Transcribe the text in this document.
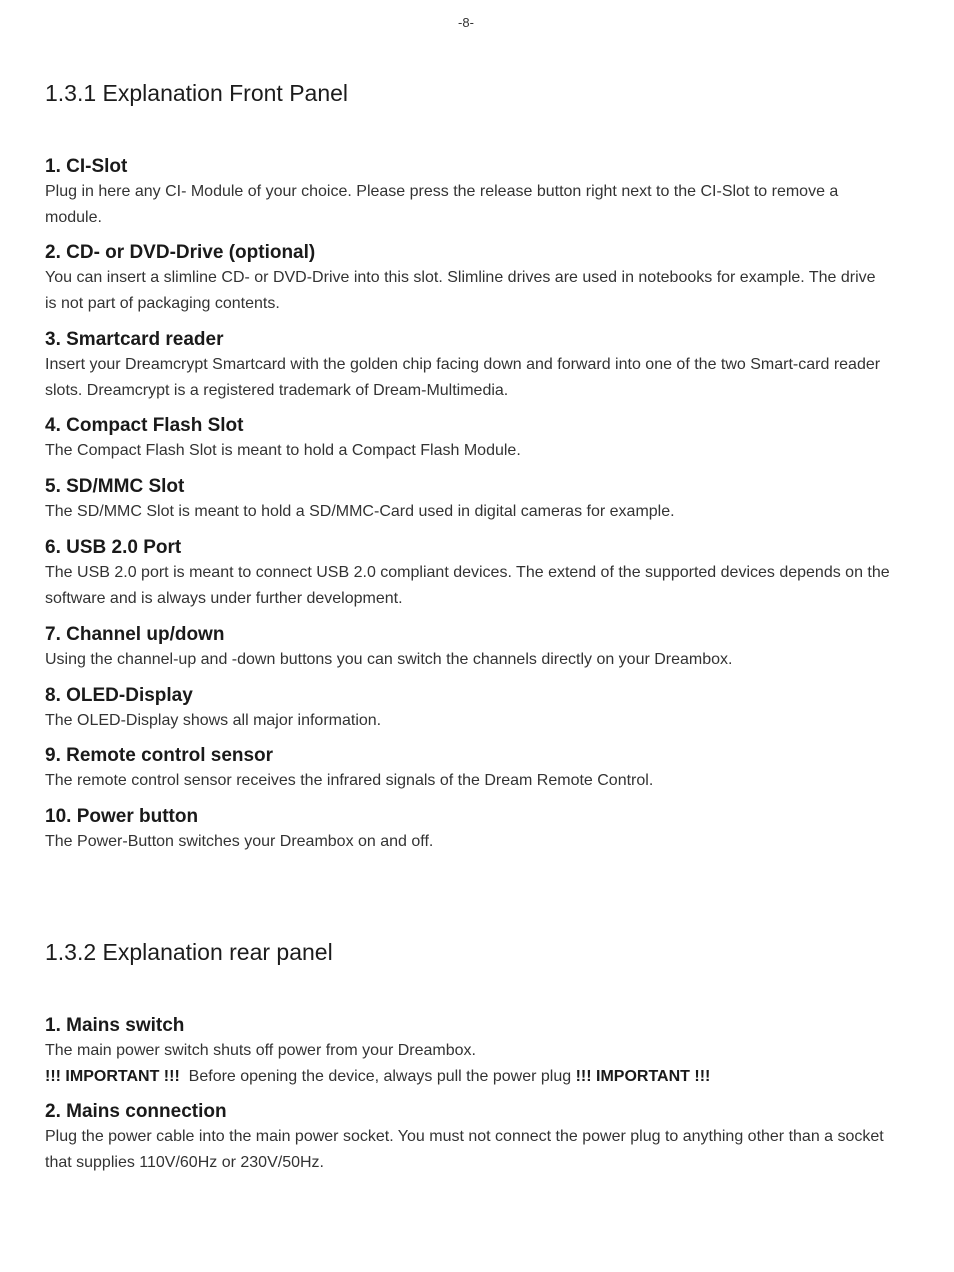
-8-
1.3.1 Explanation Front Panel
1. CI-Slot
Plug in here any CI- Module of your choice. Please press the release button right next to the CI-Slot to remove a module.
2. CD- or DVD-Drive (optional)
You can insert a slimline CD- or DVD-Drive into this slot. Slimline drives are used in notebooks for example. The drive is not part of packaging contents.
3. Smartcard reader
Insert your Dreamcrypt Smartcard with the golden chip facing down and forward into one of the two Smart-card reader slots. Dreamcrypt is a registered trademark of Dream-Multimedia.
4. Compact Flash Slot
The Compact Flash Slot is meant to hold a Compact Flash Module.
5. SD/MMC Slot
The SD/MMC Slot is meant to hold a SD/MMC-Card used in digital cameras for example.
6. USB 2.0 Port
The USB 2.0 port is meant to connect USB 2.0 compliant devices. The extend of the supported devices depends on the software and is always under further development.
7. Channel up/down
Using the channel-up and -down buttons you can switch the channels directly on your Dreambox.
8. OLED-Display
The OLED-Display shows all major information.
9. Remote control sensor
The remote control sensor receives the infrared signals of the Dream Remote Control.
10. Power button
The Power-Button switches your Dreambox on and off.
1.3.2 Explanation rear panel
1. Mains switch
The main power switch shuts off power from your Dreambox.
!!! IMPORTANT !!! Before opening the device, always pull the power plug !!! IMPORTANT !!!
2. Mains connection
Plug the power cable into the main power socket. You must not connect the power plug to anything other than a socket that supplies 110V/60Hz or 230V/50Hz.
